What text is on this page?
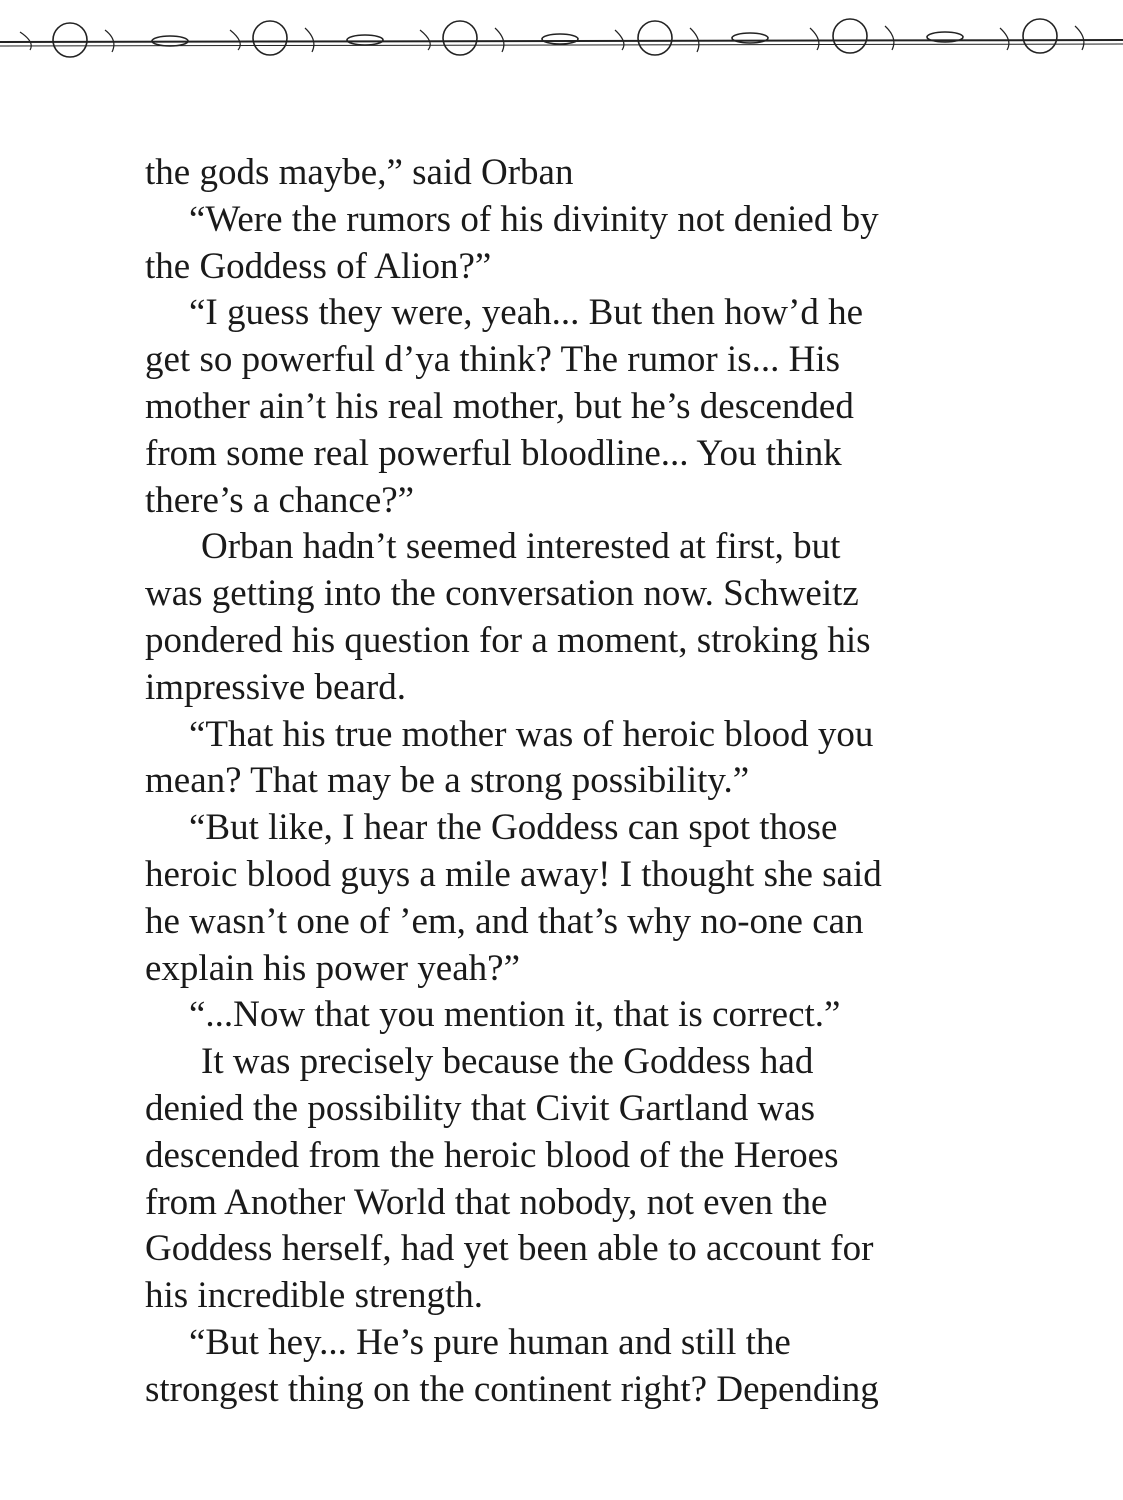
the gods maybe,” said Orban

“Were the rumors of his divinity not denied by

the Goddess of Alion?”

“I guess they were, yeah... But then how’d he

get so powerful d’ya think? The rumor is... His

mother ain’t his real mother, but he’s descended

from some real powerful bloodline... You think

there’s a chance?”

Orban hadn’t seemed interested at first, but

was getting into the conversation now. Schweitz

pondered his question for a moment, stroking his

impressive beard.

“That his true mother was of heroic blood you

mean? That may be a strong possibility.”

“But like, I hear the Goddess can spot those

heroic blood guys a mile away! I thought she said

he wasn’t one of ’em, and that’s why no-one can

explain his power yeah?”

“...Now that you mention it, that is correct.”

It was precisely because the Goddess had

denied the possibility that Civit Gartland was

descended from the heroic blood of the Heroes

from Another World that nobody, not even the

Goddess herself, had yet been able to account for

his incredible strength.

“But hey... He’s pure human and still the

strongest thing on the continent right? Depending
